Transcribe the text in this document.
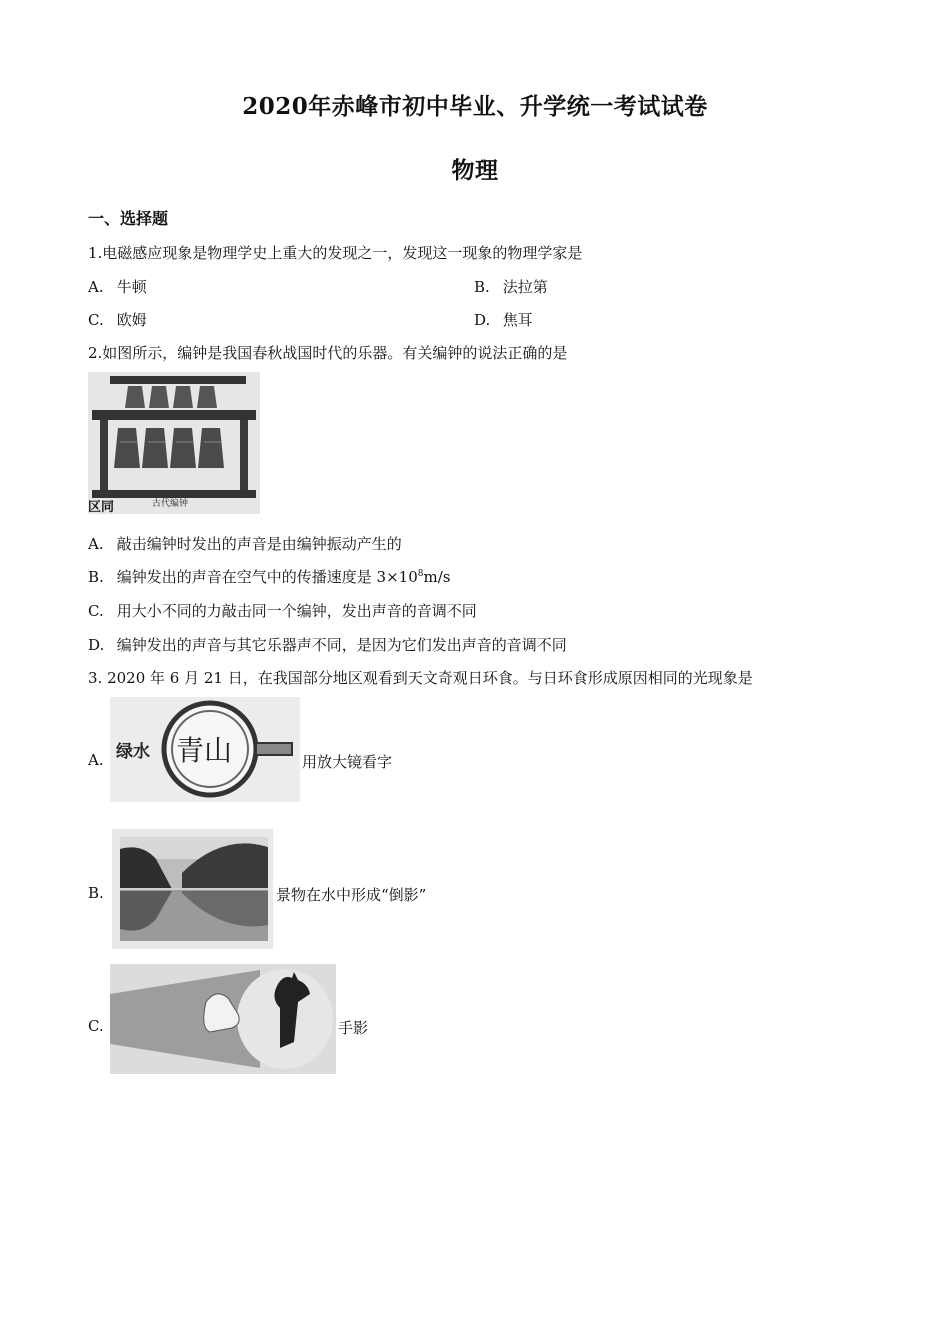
2020年赤峰市初中毕业、升学统一考试试卷
物理
一、选择题
1.电磁感应现象是物理学史上重大的发现之一，发现这一现象的物理学家是
A. 牛顿	B. 法拉第
C. 欧姆	D. 焦耳
2.如图所示，编钟是我国春秋战国时代的乐器。有关编钟的说法正确的是
古代编钟
区同
A. 敲击编钟时发出的声音是由编钟振动产生的
B. 编钟发出的声音在空气中的传播速度是 $3\times 10^8m/s$
C. 用大小不同的力敲击同一个编钟，发出声音的音调不同
D. 编钟发出的声音与其它乐器声不同，是因为它们发出声音的音调不同
3. 2020 年 6 月 21 日，在我国部分地区观看到天文奇观日环食。与日环食形成原因相同的光现象是
A. 绿水 青山	用放大镜看字
B.	景物在水中形成“倒影”
C.	手影
